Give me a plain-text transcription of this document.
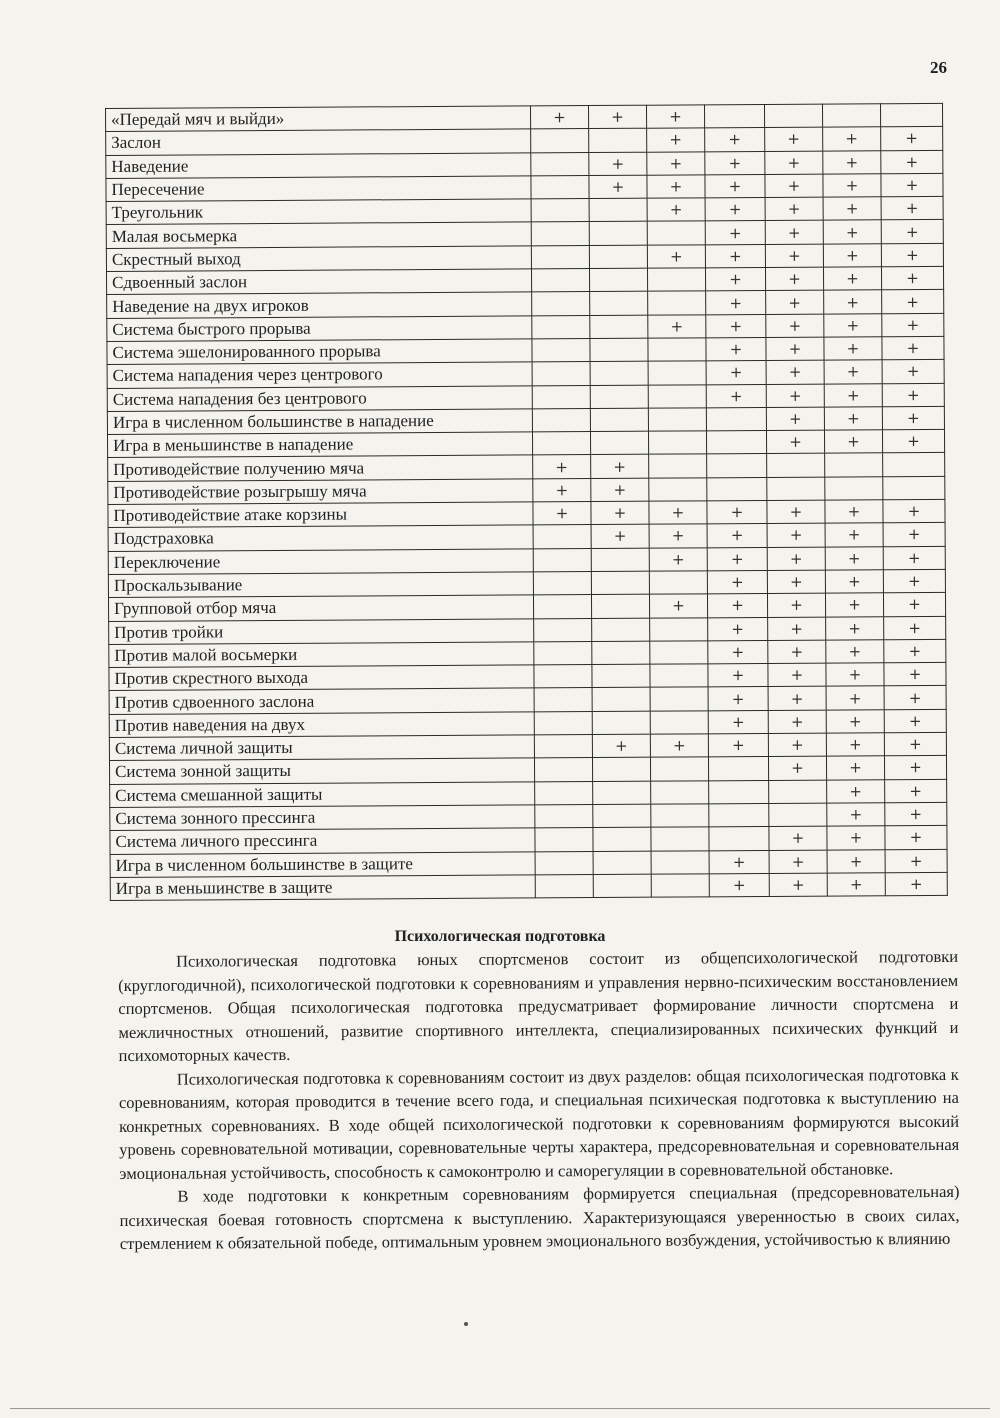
26
«Передай мяч и выйди»	+	+	+				
Заслон			+	+	+	+	+
Наведение		+	+	+	+	+	+
Пересечение		+	+	+	+	+	+
Треугольник			+	+	+	+	+
Малая восьмерка				+	+	+	+
Скрестный выход			+	+	+	+	+
Сдвоенный заслон				+	+	+	+
Наведение на двух игроков				+	+	+	+
Система быстрого прорыва			+	+	+	+	+
Система эшелонированного прорыва				+	+	+	+
Система нападения через центрового				+	+	+	+
Система нападения без центрового				+	+	+	+
Игра в численном большинстве в нападение					+	+	+
Игра в меньшинстве в нападение					+	+	+
Противодействие получению мяча	+	+					
Противодействие розыгрышу мяча	+	+					
Противодействие атаке корзины	+	+	+	+	+	+	+
Подстраховка		+	+	+	+	+	+
Переключение			+	+	+	+	+
Проскальзывание				+	+	+	+
Групповой отбор мяча			+	+	+	+	+
Против тройки				+	+	+	+
Против малой восьмерки				+	+	+	+
Против скрестного выхода				+	+	+	+
Против сдвоенного заслона				+	+	+	+
Против наведения на двух				+	+	+	+
Система личной защиты		+	+	+	+	+	+
Система зонной защиты					+	+	+
Система смешанной защиты						+	+
Система зонного прессинга						+	+
Система личного прессинга					+	+	+
Игра в численном большинстве в защите				+	+	+	+
Игра в меньшинстве в защите				+	+	+	+
Психологическая подготовка

Психологическая подготовка юных спортсменов состоит из общепсихологической подготовки (круглогодичной), психологической подготовки к соревнованиям и управления нервно-психическим восстановлением спортсменов. Общая психологическая подготовка предусматривает формирование личности спортсмена и межличностных отношений, развитие спортивного интеллекта, специализированных психических функций и психомоторных качеств.

Психологическая подготовка к соревнованиям состоит из двух разделов: общая психологическая подготовка к соревнованиям, которая проводится в течение всего года, и специальная психическая подготовка к выступлению на конкретных соревнованиях. В ходе общей психологической подготовки к соревнованиям формируются высокий уровень соревновательной мотивации, соревновательные черты характера, предсоревновательная и соревновательная эмоциональная устойчивость, способность к самоконтролю и саморегуляции в соревновательной обстановке.

В ходе подготовки к конкретным соревнованиям формируется специальная (предсоревновательная) психическая боевая готовность спортсмена к выступлению. Характеризующаяся уверенностью в своих силах, стремлением к обязательной победе, оптимальным уровнем эмоционального возбуждения, устойчивостью к влиянию
